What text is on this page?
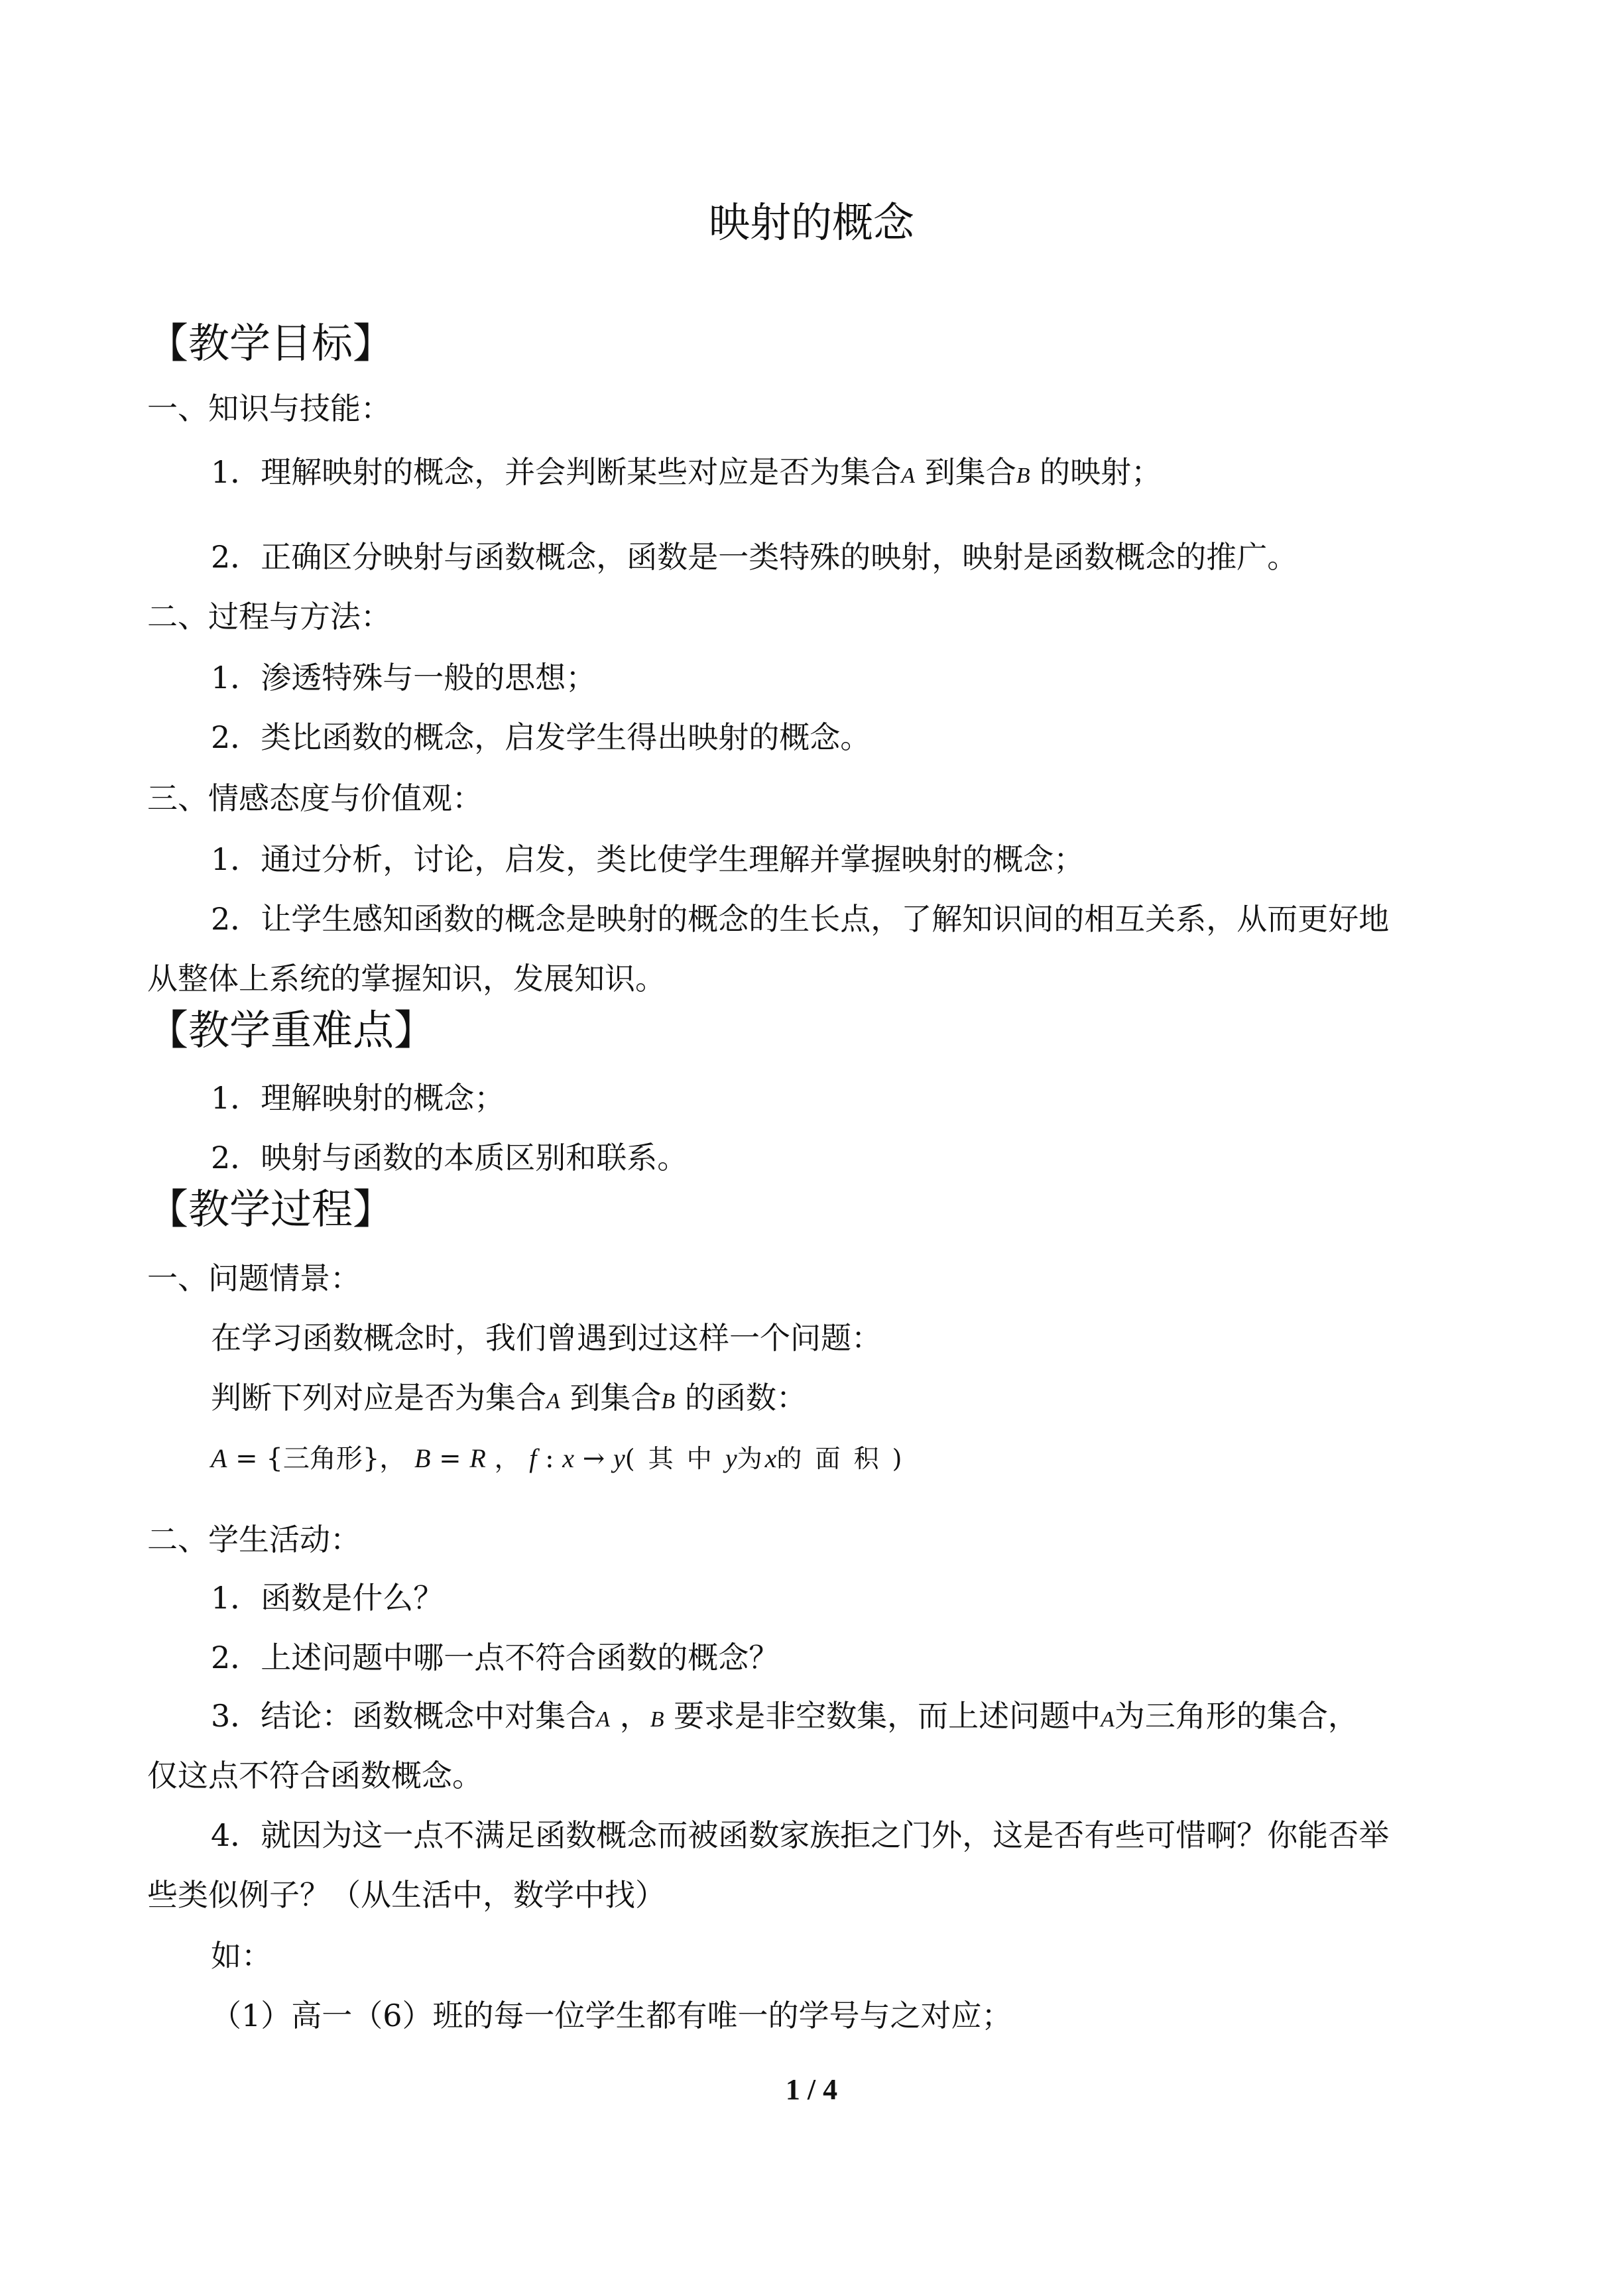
映射的概念
【教学目标】
一、知识与技能：
1．理解映射的概念，并会判断某些对应是否为集合A 到集合B 的映射；
2．正确区分映射与函数概念，函数是一类特殊的映射，映射是函数概念的推广。
二、过程与方法：
1．渗透特殊与一般的思想；
2．类比函数的概念，启发学生得出映射的概念。
三、情感态度与价值观：
1．通过分析，讨论，启发，类比使学生理解并掌握映射的概念；
2．让学生感知函数的概念是映射的概念的生长点，了解知识间的相互关系，从而更好地
从整体上系统的掌握知识，发展知识。
【教学重难点】
1．理解映射的概念；
2．映射与函数的本质区别和联系。
【教学过程】
一、问题情景：
在学习函数概念时，我们曾遇到过这样一个问题：
判断下列对应是否为集合A 到集合B 的函数：
A = {三角形}， B = R ， f : x → y( 其 中 y为x的 面 积 )
二、学生活动：
1．函数是什么？
2．上述问题中哪一点不符合函数的概念？
3．结论：函数概念中对集合A ，B 要求是非空数集，而上述问题中A为三角形的集合，
仅这点不符合函数概念。
4．就因为这一点不满足函数概念而被函数家族拒之门外，这是否有些可惜啊？你能否举
些类似例子？（从生活中，数学中找）
如：
（1）高一（6）班的每一位学生都有唯一的学号与之对应；
1 / 4
